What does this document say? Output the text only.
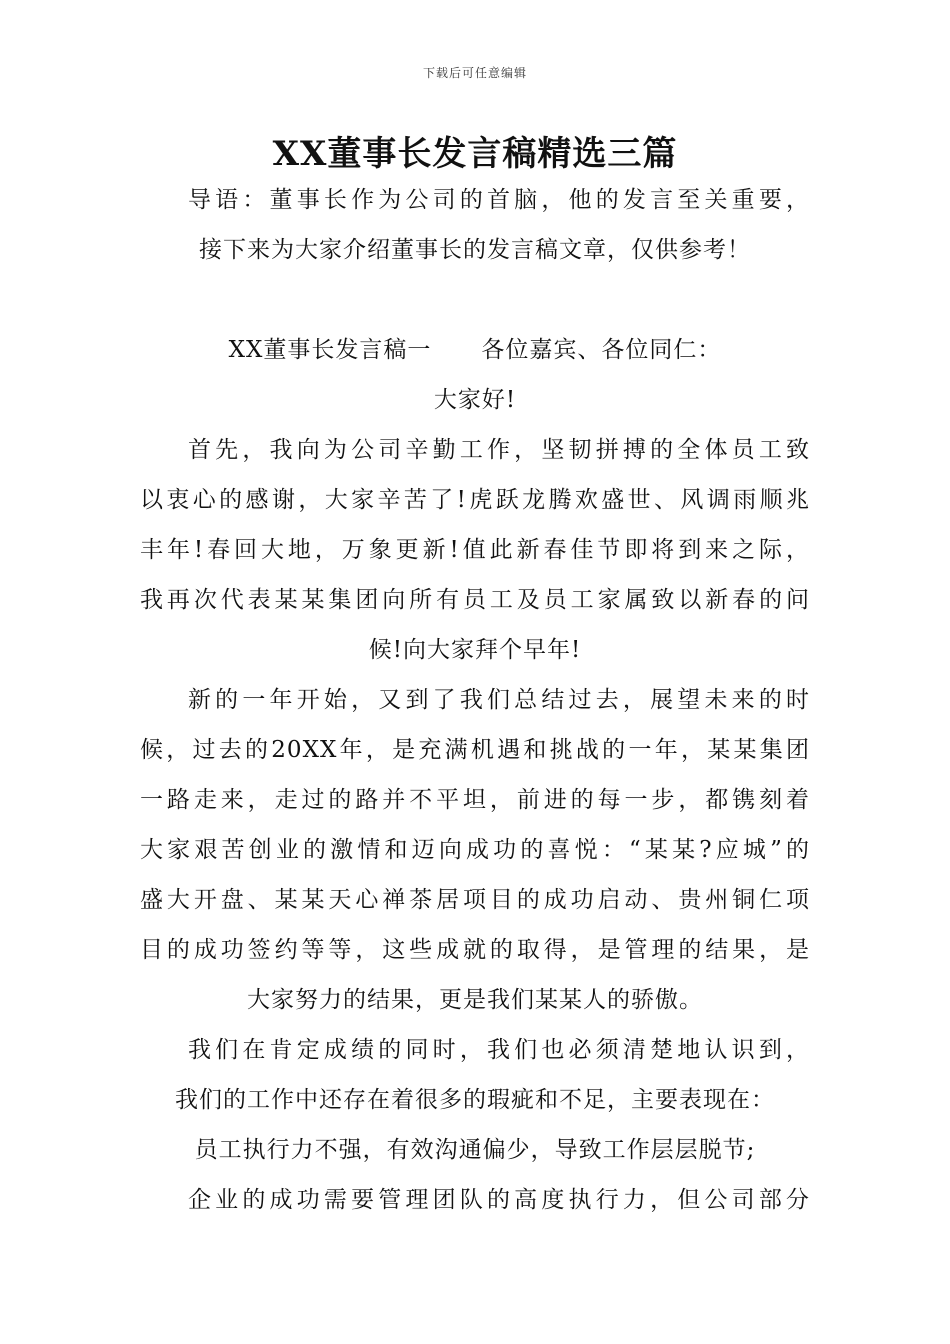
下载后可任意编辑
XX董事长发言稿精选三篇
导语：董事长作为公司的首脑，他的发言至关重要，
接下来为大家介绍董事长的发言稿文章，仅供参考！
XX董事长发言稿一 各位嘉宾、各位同仁：
大家好!
首先，我向为公司辛勤工作，坚韧拼搏的全体员工致
以衷心的感谢，大家辛苦了!虎跃龙腾欢盛世、风调雨顺兆
丰年!春回大地，万象更新!值此新春佳节即将到来之际，
我再次代表某某集团向所有员工及员工家属致以新春的问
候!向大家拜个早年!
新的一年开始，又到了我们总结过去，展望未来的时
候，过去的20XX年，是充满机遇和挑战的一年，某某集团
一路走来，走过的路并不平坦，前进的每一步，都镌刻着
大家艰苦创业的激情和迈向成功的喜悦：“某某?应城”的
盛大开盘、某某天心禅茶居项目的成功启动、贵州铜仁项
目的成功签约等等，这些成就的取得，是管理的结果，是
大家努力的结果，更是我们某某人的骄傲。
我们在肯定成绩的同时，我们也必须清楚地认识到，
我们的工作中还存在着很多的瑕疵和不足，主要表现在：
员工执行力不强，有效沟通偏少，导致工作层层脱节;
企业的成功需要管理团队的高度执行力，但公司部分
